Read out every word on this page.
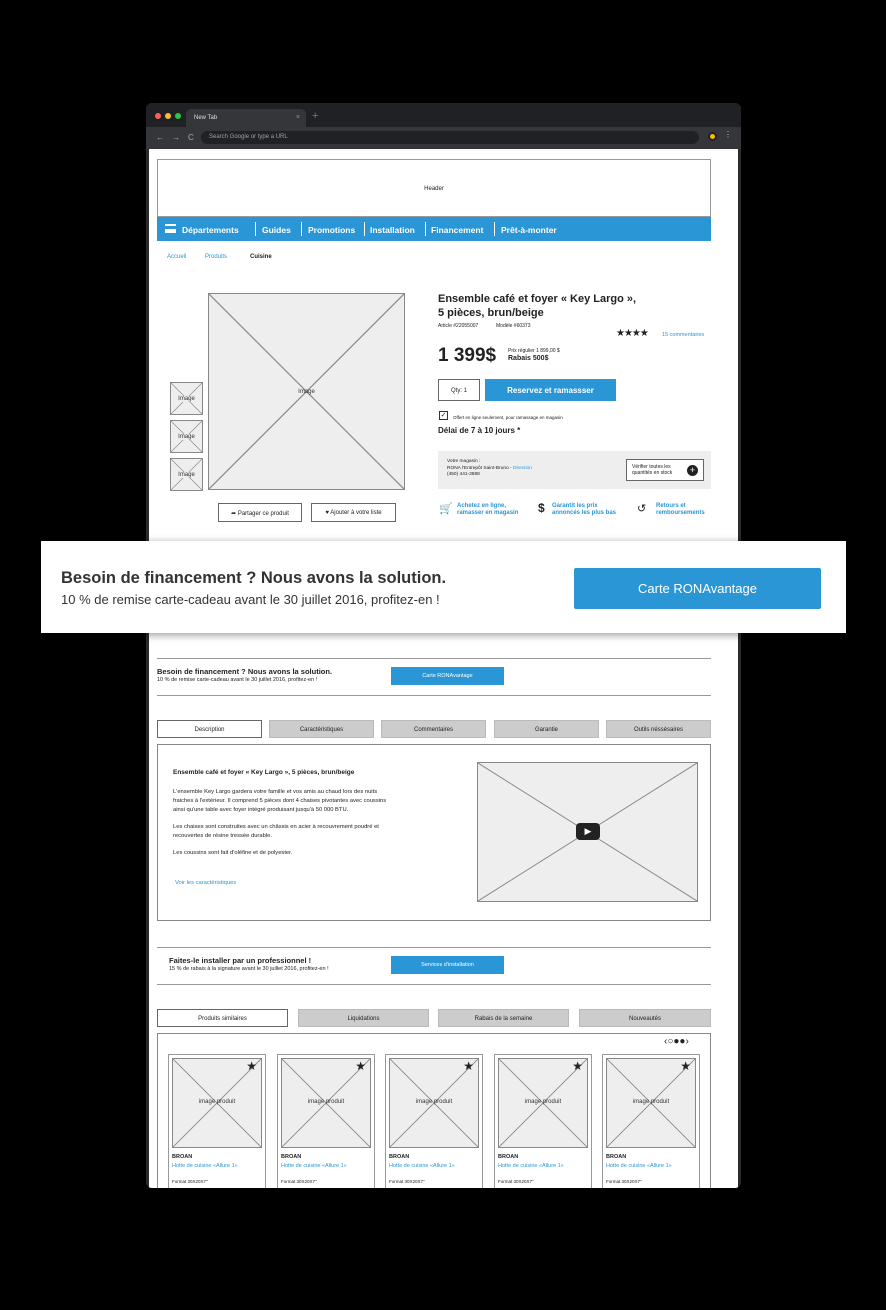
New Tab	× +
← → C	Search Google or type a URL	⋮
Header
Départements	Guides Promotions Installation Financement Prêt-à-monter
Accueil	Produits	Cuisine
Image
Image
Image
Image
➦ Partager ce produit	♥ Ajouter à votre liste
Ensemble café et foyer « Key Largo »,
5 pièces, brun/beige
Article #22055007	Modèle #60373
★★★★	15 commentaires
1 399$ Prix régulier 1 899,00 $
Rabais 500$
Qty: 1	Reservez et ramassser
✓	Offert en ligne seulement, pour ramassage en magasin
Délai de 7 à 10 jours *
Votre magasin :
RONA l'Entrepôt Saint-Bruno - Direction
(450) 441-3888
Vérifier toutes les
quantités en stock	+
🛒 Achetez en ligne,
ramasser en magasin $ Garantit les prix
annoncés les plus bas ↺ Retours et
remboursements
Besoin de financement ? Nous avons la solution.
10 % de remise carte-cadeau avant le 30 juillet 2016, profitez-en !
Carte RONAvantage
Description	Caractéristiques	Commentaires	Garantie	Outils néssésaires
Ensemble café et foyer « Key Largo », 5 pièces, brun/beige
L'ensemble Key Largo gardera votre famille et vos amis au chaud lors des nuits
fraiches à l'extérieur. Il comprend 5 pièces dont 4 chaises pivotantes avec coussins
ainsi qu'une table avec foyer intégré produisant jusqu'à 50 000 BTU.
Les chaises sont construites avec un châssis en acier à recouvrement poudré et
recouvertes de résine tressée durable.
Les coussins sont fait d'oléfine et de polyester.
Voir les caractéristiques
▶
Faites-le installer par un professionnel !
15 % de rabais à la signature avant le 30 juillet 2016, profitez-en !
Services d'installation
Produits similaires	Liquidations	Rabais de la semaine	Nouveautés
‹○●●›
image produit
★
BROAN
Hotte de cuisine «Allure 1»
Format 30X20X7"
image produit
★
BROAN
Hotte de cuisine «Allure 1»
Format 30X20X7"
image produit
★
BROAN
Hotte de cuisine «Allure 1»
Format 30X20X7"
image produit
★
BROAN
Hotte de cuisine «Allure 1»
Format 30X20X7"
image produit
★
BROAN
Hotte de cuisine «Allure 1»
Format 30X20X7"
Besoin de financement ? Nous avons la solution.
10 % de remise carte-cadeau avant le 30 juillet 2016, profitez-en !
Carte RONAvantage
